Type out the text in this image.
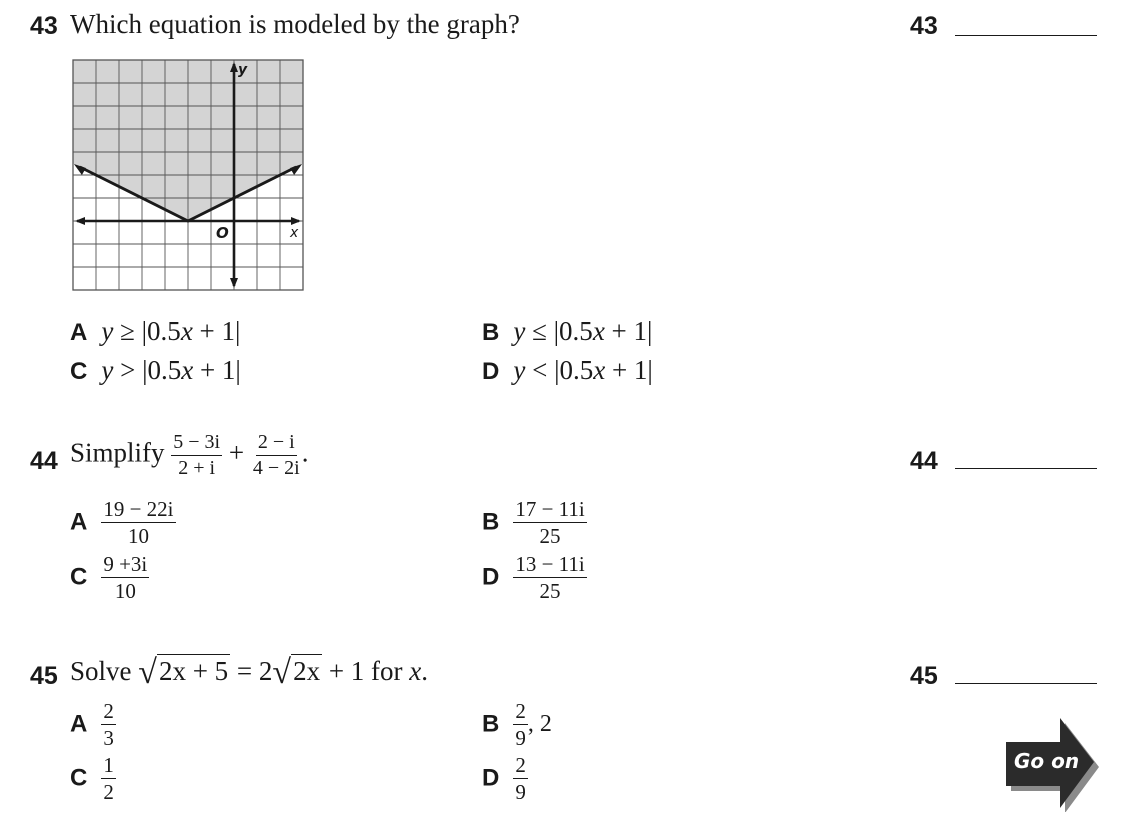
43 Which equation is modeled by the graph?	43
y
x
O
A y ≥ |0.5x + 1|	B y ≤ |0.5x + 1|
C y > |0.5x + 1|	D y < |0.5x + 1|
44 Simplify $\frac{5 - 3i}{2 + i} + \frac{2 - i}{4 - 2i}$ .	44
A $\frac{19 - 22i}{10}$	B $\frac{17 - 11i}{25}$
C $\frac{9 +3i}{10}$	D $\frac{13 - 11i}{25}$
45 Solve √2x + 5 = 2√2x + 1 for x.	45
A $\frac{2}{3}$	B $\frac{2}{9}$ , 2
C $\frac{1}{2}$	D $\frac{2}{9}$	Go on
